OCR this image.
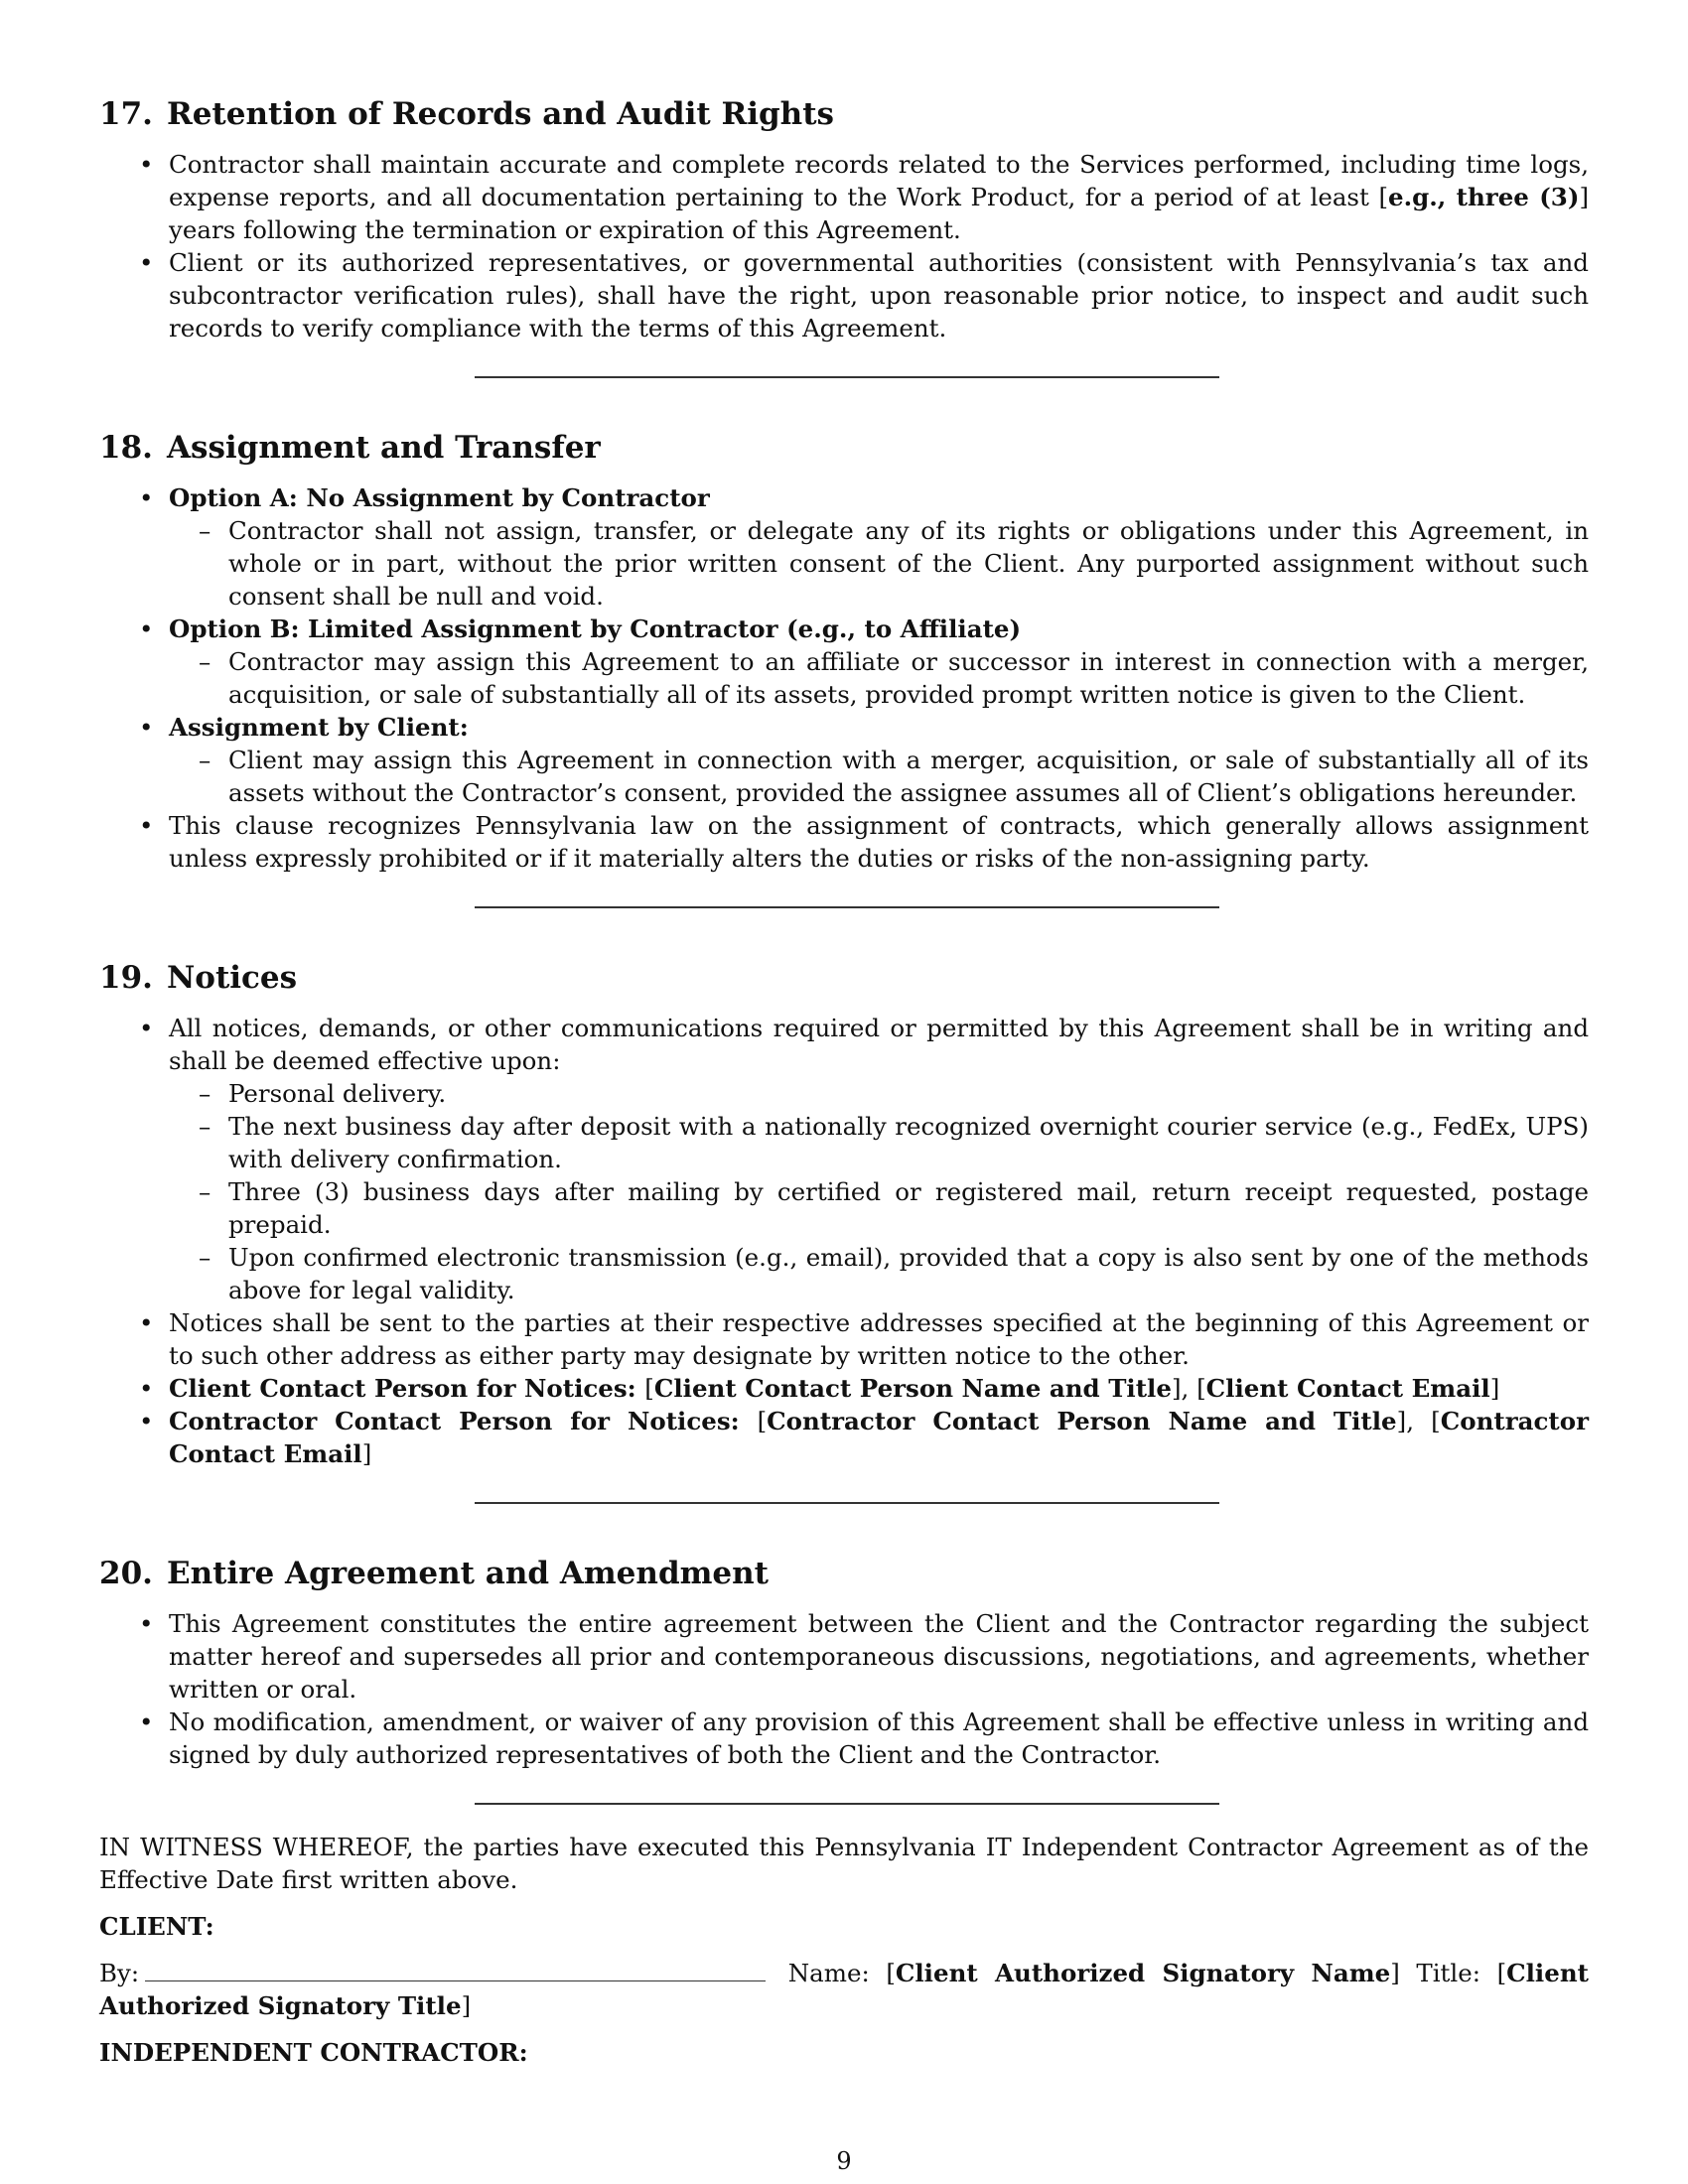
17. Retention of Records and Audit Rights
• Contractor shall maintain accurate and complete records related to the Services performed, including time logs, expense reports, and all documentation pertaining to the Work Product, for a period of at least [e.g., three (3)] years following the termination or expiration of this Agreement.
• Client or its authorized representatives, or governmental authorities (consistent with Pennsylvania’s tax and subcontractor verification rules), shall have the right, upon reasonable prior notice, to inspect and audit such records to verify compliance with the terms of this Agreement.
18. Assignment and Transfer
• Option A: No Assignment by Contractor
– Contractor shall not assign, transfer, or delegate any of its rights or obligations under this Agreement, in whole or in part, without the prior written consent of the Client. Any purported assignment without such consent shall be null and void.
• Option B: Limited Assignment by Contractor (e.g., to Affiliate)
– Contractor may assign this Agreement to an affiliate or successor in interest in connection with a merger, acquisition, or sale of substantially all of its assets, provided prompt written notice is given to the Client.
• Assignment by Client:
– Client may assign this Agreement in connection with a merger, acquisition, or sale of substantially all of its assets without the Contractor’s consent, provided the assignee assumes all of Client’s obligations hereunder.
• This clause recognizes Pennsylvania law on the assignment of contracts, which generally allows assignment unless expressly prohibited or if it materially alters the duties or risks of the non-assigning party.
19. Notices
• All notices, demands, or other communications required or permitted by this Agreement shall be in writing and shall be deemed effective upon:
– Personal delivery.
– The next business day after deposit with a nationally recognized overnight courier service (e.g., FedEx, UPS) with delivery confirmation.
– Three (3) business days after mailing by certified or registered mail, return receipt requested, postage prepaid.
– Upon confirmed electronic transmission (e.g., email), provided that a copy is also sent by one of the methods above for legal validity.
• Notices shall be sent to the parties at their respective addresses specified at the beginning of this Agreement or to such other address as either party may designate by written notice to the other.
• Client Contact Person for Notices: [Client Contact Person Name and Title], [Client Contact Email]
• Contractor Contact Person for Notices: [Contractor Contact Person Name and Title], [Contractor Contact Email]
20. Entire Agreement and Amendment
• This Agreement constitutes the entire agreement between the Client and the Contractor regarding the subject matter hereof and supersedes all prior and contemporaneous discussions, negotiations, and agreements, whether written or oral.
• No modification, amendment, or waiver of any provision of this Agreement shall be effective unless in writing and signed by duly authorized representatives of both the Client and the Contractor.
IN WITNESS WHEREOF, the parties have executed this Pennsylvania IT Independent Contractor Agreement as of the Effective Date first written above.
CLIENT:
By:	Name: [Client Authorized Signatory Name] Title: [Client Authorized Signatory Title]
INDEPENDENT CONTRACTOR:
9
